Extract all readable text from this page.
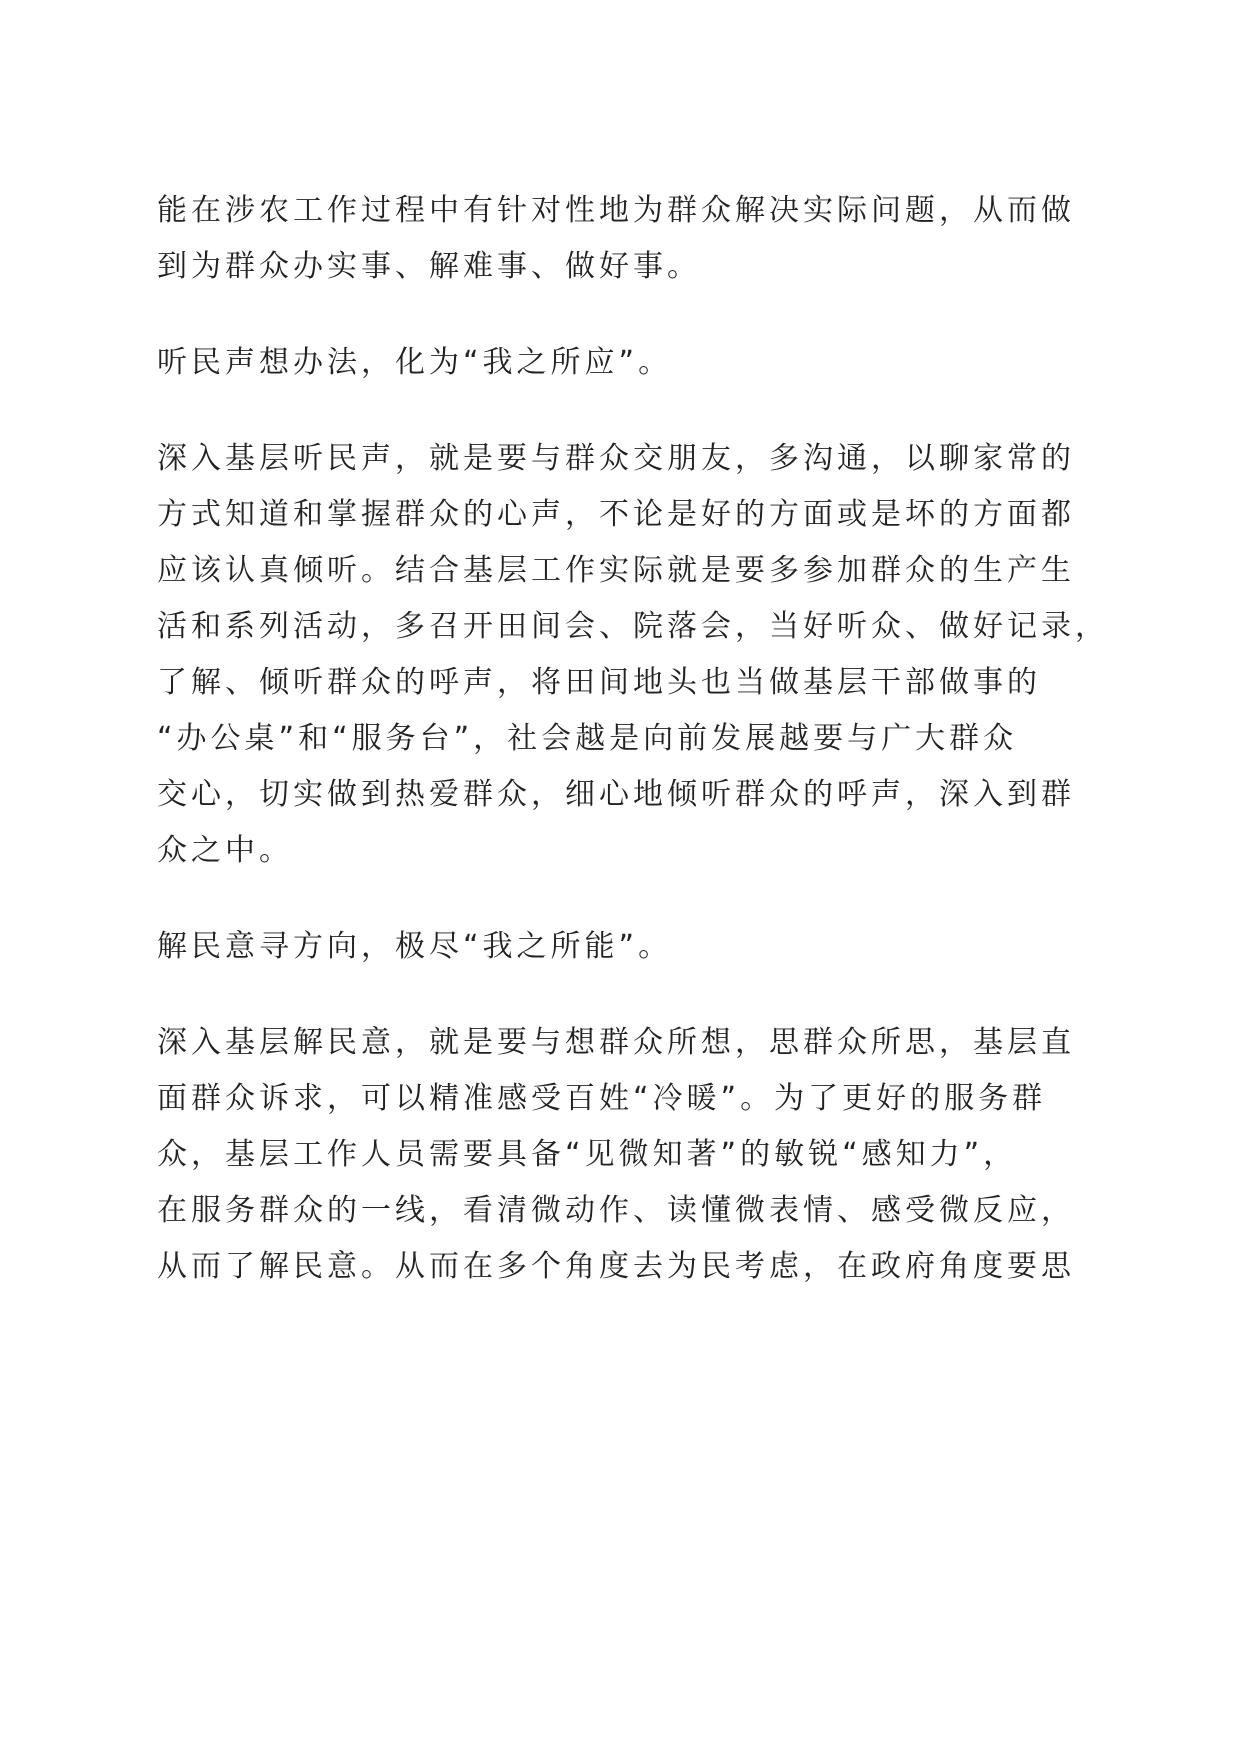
能在涉农工作过程中有针对性地为群众解决实际问题，从而做
到为群众办实事、解难事、做好事。
听民声想办法，化为“我之所应”。
深入基层听民声，就是要与群众交朋友，多沟通，以聊家常的
方式知道和掌握群众的心声，不论是好的方面或是坏的方面都
应该认真倾听。结合基层工作实际就是要多参加群众的生产生
活和系列活动，多召开田间会、院落会，当好听众、做好记录，
了解、倾听群众的呼声，将田间地头也当做基层干部做事的
“办公桌”和“服务台”，社会越是向前发展越要与广大群众
交心，切实做到热爱群众，细心地倾听群众的呼声，深入到群
众之中。
解民意寻方向，极尽“我之所能”。
深入基层解民意，就是要与想群众所想，思群众所思，基层直
面群众诉求，可以精准感受百姓“冷暖”。为了更好的服务群
众，基层工作人员需要具备“见微知著”的敏锐“感知力”，
在服务群众的一线，看清微动作、读懂微表情、感受微反应，
从而了解民意。从而在多个角度去为民考虑，在政府角度要思
